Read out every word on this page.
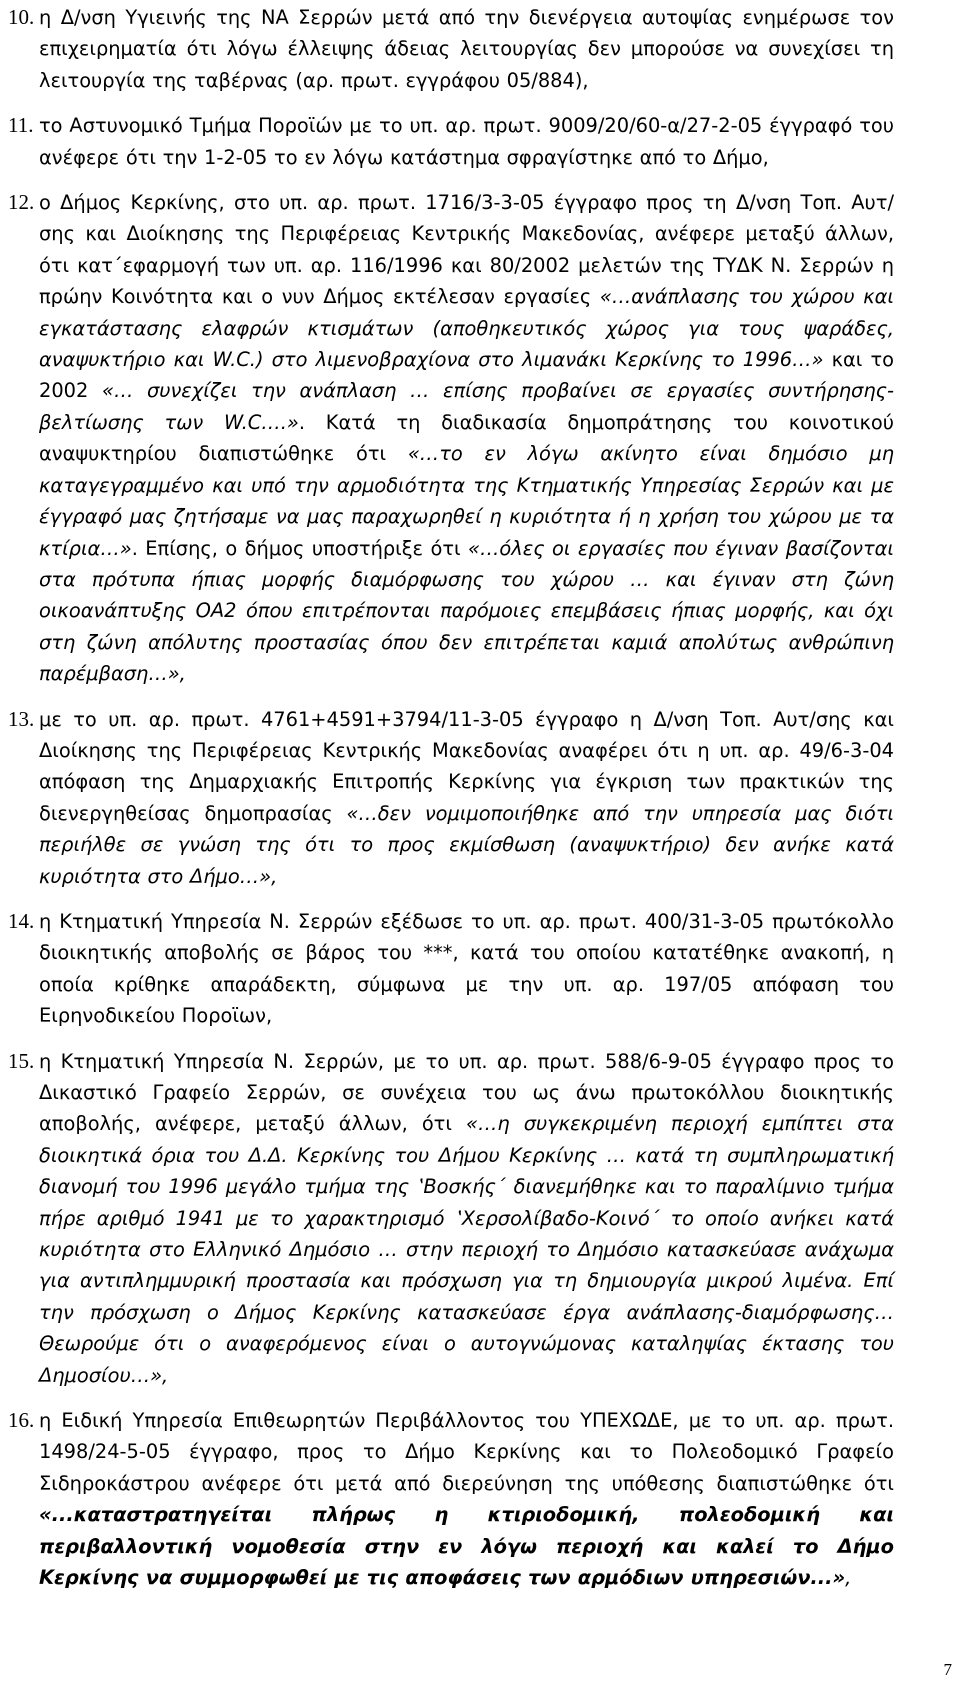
10. η Δ/νση Υγιεινής της ΝΑ Σερρών μετά από την διενέργεια αυτοψίας ενημέρωσε τον επιχειρηματία ότι λόγω έλλειψης άδειας λειτουργίας δεν μπορούσε να συνεχίσει τη λειτουργία της ταβέρνας (αρ. πρωτ. εγγράφου 05/884),
11. το Αστυνομικό Τμήμα Ποροϊών με το υπ. αρ. πρωτ. 9009/20/60-α/27-2-05 έγγραφό του ανέφερε ότι την 1-2-05 το εν λόγω κατάστημα σφραγίστηκε από το Δήμο,
12. ο Δήμος Κερκίνης, στο υπ. αρ. πρωτ. 1716/3-3-05 έγγραφο προς τη Δ/νση Τοπ. Αυτ/σης και Διοίκησης της Περιφέρειας Κεντρικής Μακεδονίας, ανέφερε μεταξύ άλλων, ότι κατ΄εφαρμογή των υπ. αρ. 116/1996 και 80/2002 μελετών της ΤΥΔΚ Ν. Σερρών η πρώην Κοινότητα και ο νυν Δήμος εκτέλεσαν εργασίες «…ανάπλασης του χώρου και εγκατάστασης ελαφρών κτισμάτων (αποθηκευτικός χώρος για τους ψαράδες, αναψυκτήριο και W.C.) στο λιμενοβραχίονα στο λιμανάκι Κερκίνης το 1996…» και το 2002 «… συνεχίζει την ανάπλαση … επίσης προβαίνει σε εργασίες συντήρησης-βελτίωσης των W.C….». Κατά τη διαδικασία δημοπράτησης του κοινοτικού αναψυκτηρίου διαπιστώθηκε ότι «…το εν λόγω ακίνητο είναι δημόσιο μη καταγεγραμμένο και υπό την αρμοδιότητα της Κτηματικής Υπηρεσίας Σερρών και με έγγραφό μας ζητήσαμε να μας παραχωρηθεί η κυριότητα ή η χρήση του χώρου με τα κτίρια…». Επίσης, ο δήμος υποστήριξε ότι «…όλες οι εργασίες που έγιναν βασίζονται στα πρότυπα ήπιας μορφής διαμόρφωσης του χώρου … και έγιναν στη ζώνη οικοανάπτυξης ΟΑ2 όπου επιτρέπονται παρόμοιες επεμβάσεις ήπιας μορφής, και όχι στη ζώνη απόλυτης προστασίας όπου δεν επιτρέπεται καμιά απολύτως ανθρώπινη παρέμβαση…»,
13. με το υπ. αρ. πρωτ. 4761+4591+3794/11-3-05 έγγραφο η Δ/νση Τοπ. Αυτ/σης και Διοίκησης της Περιφέρειας Κεντρικής Μακεδονίας αναφέρει ότι η υπ. αρ. 49/6-3-04 απόφαση της Δημαρχιακής Επιτροπής Κερκίνης για έγκριση των πρακτικών της διενεργηθείσας δημοπρασίας «…δεν νομιμοποιήθηκε από την υπηρεσία μας διότι περιήλθε σε γνώση της ότι το προς εκμίσθωση (αναψυκτήριο) δεν ανήκε κατά κυριότητα στο Δήμο…»,
14. η Κτηματική Υπηρεσία Ν. Σερρών εξέδωσε το υπ. αρ. πρωτ. 400/31-3-05 πρωτόκολλο διοικητικής αποβολής σε βάρος του ***, κατά του οποίου κατατέθηκε ανακοπή, η οποία κρίθηκε απαράδεκτη, σύμφωνα με την υπ. αρ. 197/05 απόφαση του Ειρηνοδικείου Ποροϊων,
15. η Κτηματική Υπηρεσία Ν. Σερρών, με το υπ. αρ. πρωτ. 588/6-9-05 έγγραφο προς το Δικαστικό Γραφείο Σερρών, σε συνέχεια του ως άνω πρωτοκόλλου διοικητικής αποβολής, ανέφερε, μεταξύ άλλων, ότι «…η συγκεκριμένη περιοχή εμπίπτει στα διοικητικά όρια του Δ.Δ. Κερκίνης του Δήμου Κερκίνης … κατά τη συμπληρωματική διανομή του 1996 μεγάλο τμήμα της ‛Βοσκής΄ διανεμήθηκε και το παραλίμνιο τμήμα πήρε αριθμό 1941 με το χαρακτηρισμό ‛Χερσολίβαδο-Κοινό΄ το οποίο ανήκει κατά κυριότητα στο Ελληνικό Δημόσιο … στην περιοχή το Δημόσιο κατασκεύασε ανάχωμα για αντιπλημμυρική προστασία και πρόσχωση για τη δημιουργία μικρού λιμένα. Επί την πρόσχωση ο Δήμος Κερκίνης κατασκεύασε έργα ανάπλασης-διαμόρφωσης… Θεωρούμε ότι ο αναφερόμενος είναι ο αυτογνώμονας καταληψίας έκτασης του Δημοσίου…»,
16. η Ειδική Υπηρεσία Επιθεωρητών Περιβάλλοντος του ΥΠΕΧΩΔΕ, με το υπ. αρ. πρωτ. 1498/24-5-05 έγγραφο, προς το Δήμο Κερκίνης και το Πολεοδομικό Γραφείο Σιδηροκάστρου ανέφερε ότι μετά από διερεύνηση της υπόθεσης διαπιστώθηκε ότι «...καταστρατηγείται πλήρως η κτιριοδομική, πολεοδομική και περιβαλλοντική νομοθεσία στην εν λόγω περιοχή και καλεί το Δήμο Κερκίνης να συμμορφωθεί με τις αποφάσεις των αρμόδιων υπηρεσιών...»,
7
